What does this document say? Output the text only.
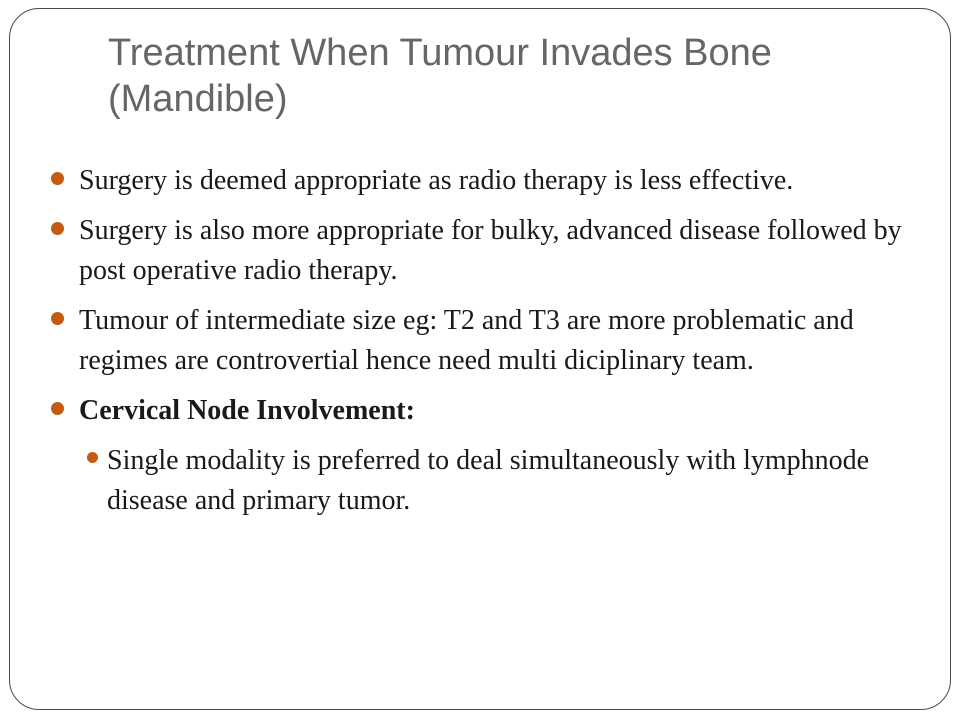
Treatment When Tumour Invades Bone
(Mandible)
Surgery is deemed appropriate as radio therapy is less effective.
Surgery is also more appropriate for bulky, advanced disease followed by post operative radio therapy.
Tumour of intermediate size eg: T2 and T3 are more problematic and regimes are controvertial hence need multi diciplinary team.
Cervical Node Involvement:
Single modality is preferred to deal simultaneously with lymphnode disease and primary tumor.
